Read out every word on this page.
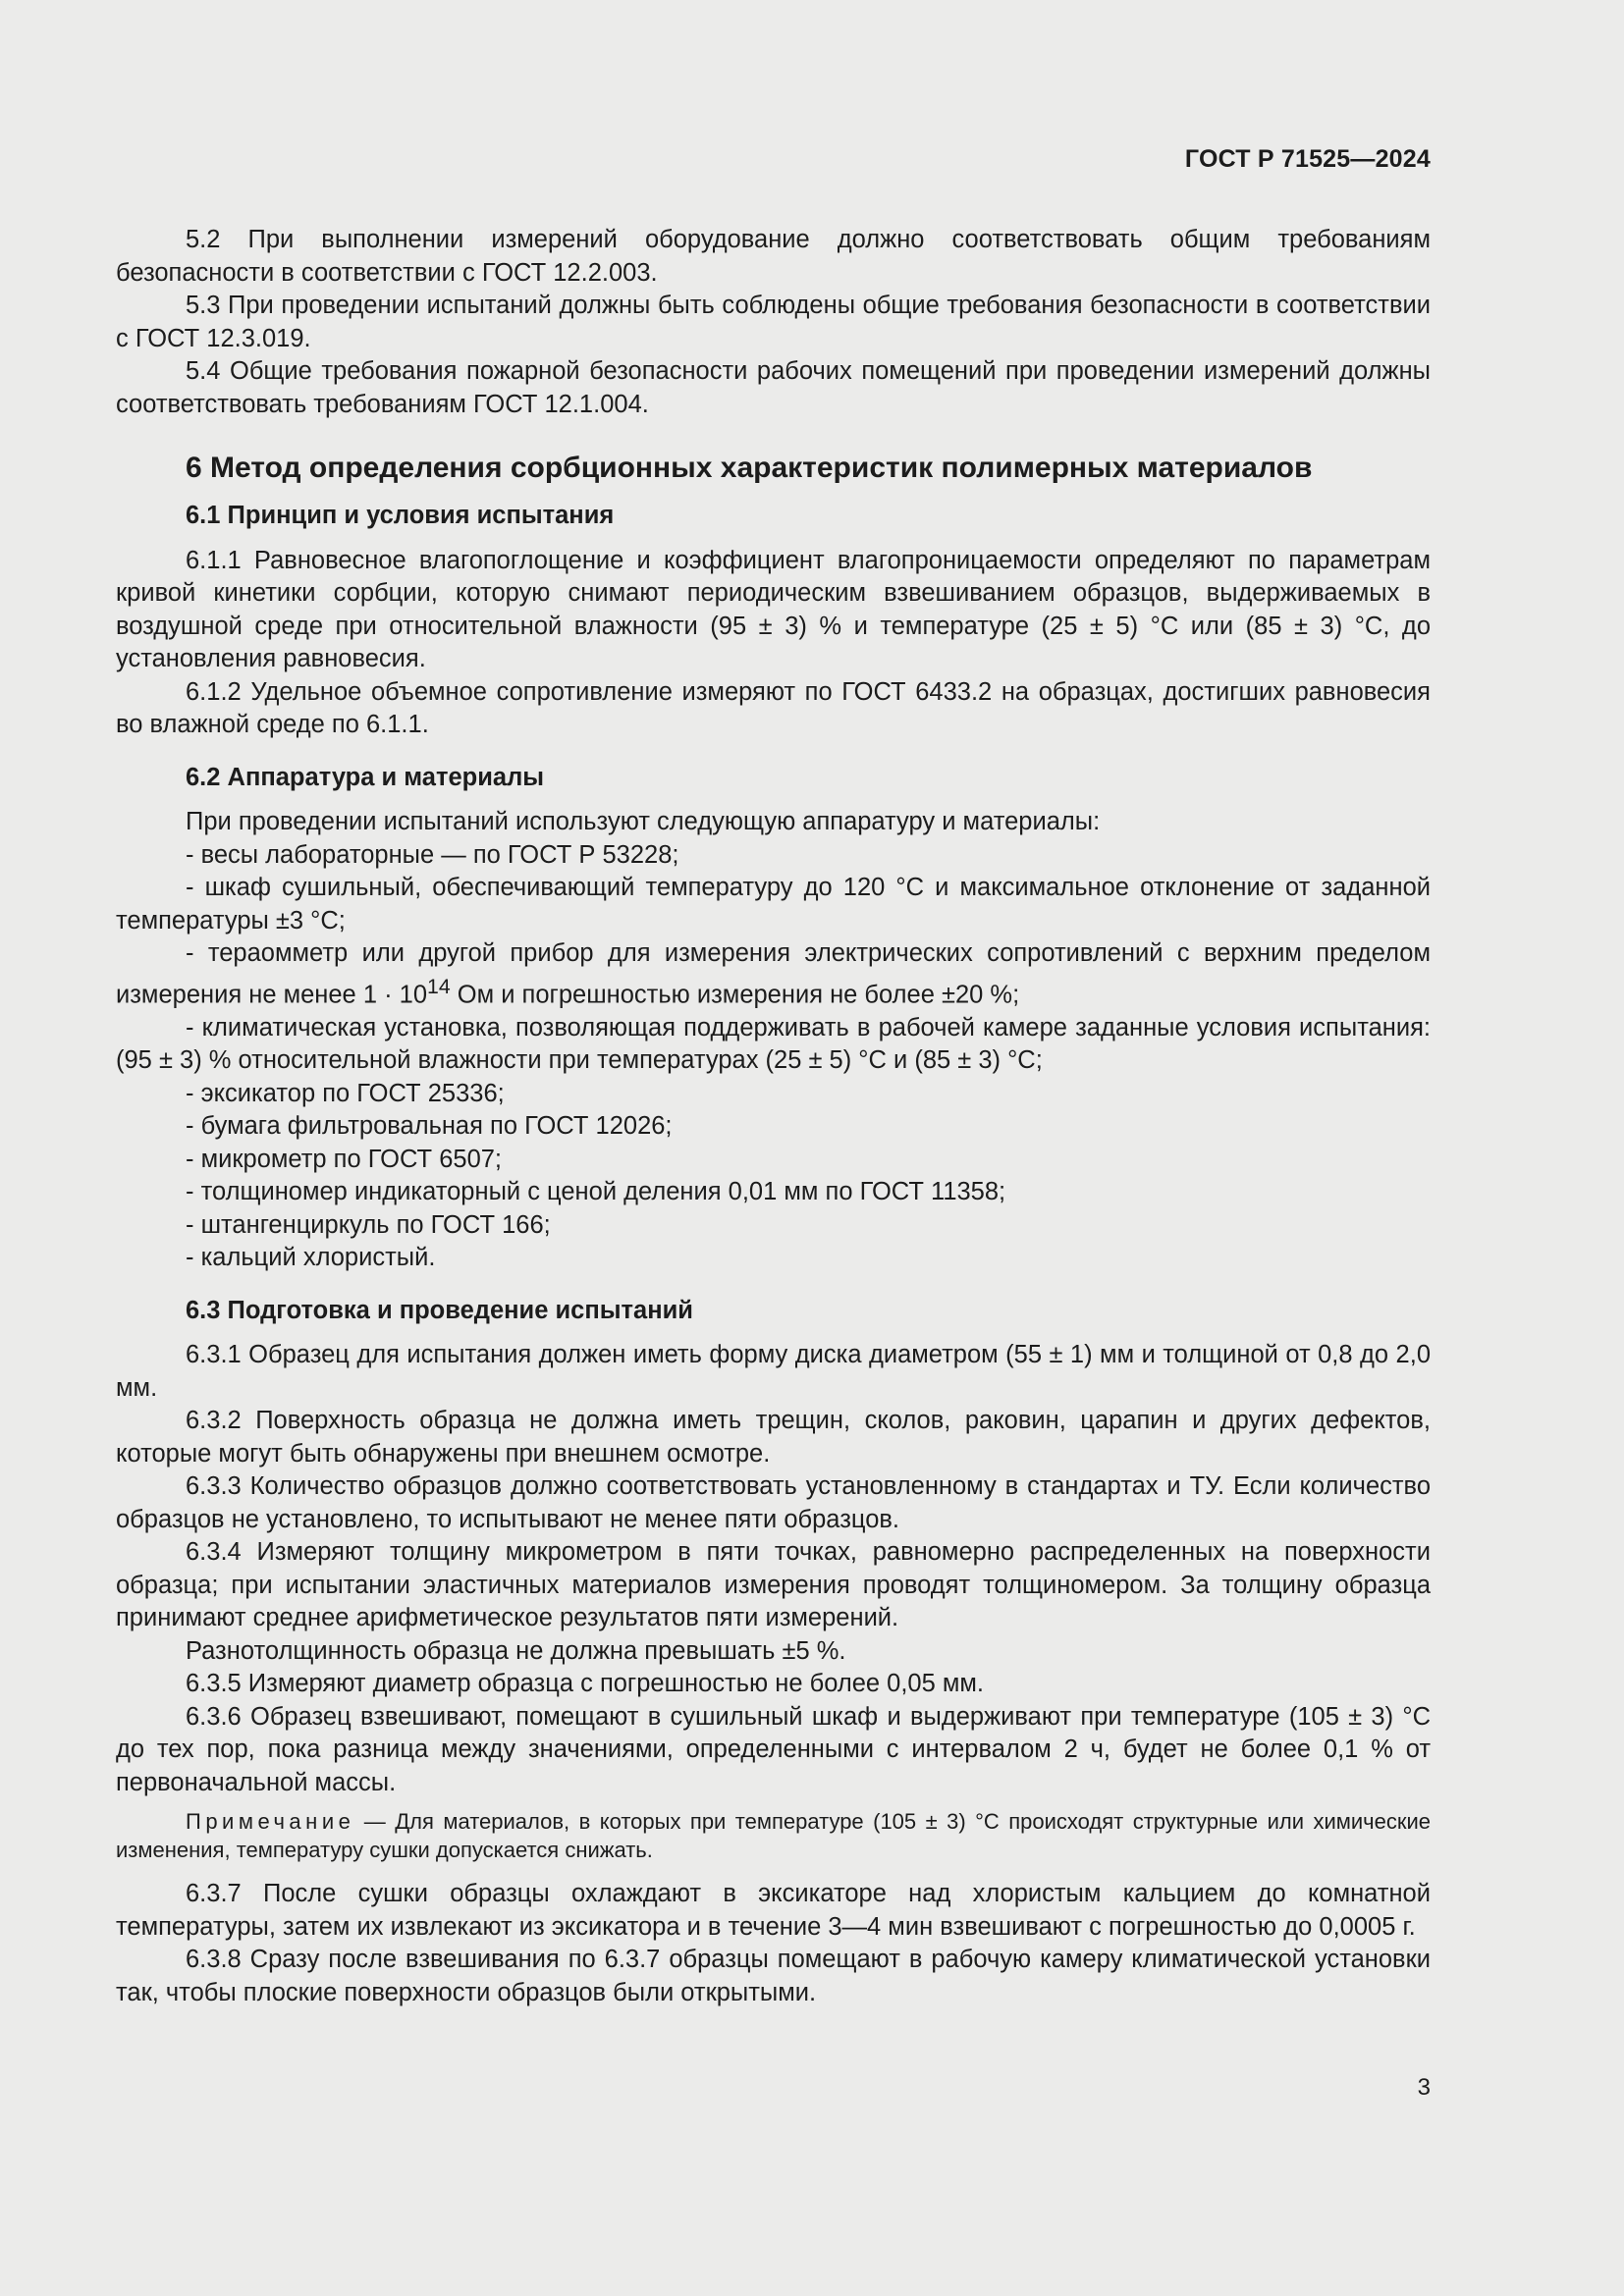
ГОСТ Р 71525—2024

5.2 При выполнении измерений оборудование должно соответствовать общим требованиям безопасности в соответствии с ГОСТ 12.2.003.

5.3 При проведении испытаний должны быть соблюдены общие требования безопасности в соответствии с ГОСТ 12.3.019.

5.4 Общие требования пожарной безопасности рабочих помещений при проведении измерений должны соответствовать требованиям ГОСТ 12.1.004.

6 Метод определения сорбционных характеристик полимерных материалов
6.1 Принцип и условия испытания

6.1.1 Равновесное влагопоглощение и коэффициент влагопроницаемости определяют по параметрам кривой кинетики сорбции, которую снимают периодическим взвешиванием образцов, выдерживаемых в воздушной среде при относительной влажности (95 ± 3) % и температуре (25 ± 5) °С или (85 ± 3) °С, до установления равновесия.

6.1.2 Удельное объемное сопротивление измеряют по ГОСТ 6433.2 на образцах, достигших равновесия во влажной среде по 6.1.1.

6.2 Аппаратура и материалы

При проведении испытаний используют следующую аппаратуру и материалы:

- весы лабораторные — по ГОСТ Р 53228;

- шкаф сушильный, обеспечивающий температуру до 120 °С и максимальное отклонение от заданной температуры ±3 °С;

- тераомметр или другой прибор для измерения электрических сопротивлений с верхним пределом измерения не менее $1 \cdot 10^{14}$ Ом и погрешностью измерения не более ±20 %;

- климатическая установка, позволяющая поддерживать в рабочей камере заданные условия испытания: (95 ± 3) % относительной влажности при температурах (25 ± 5) °С и (85 ± 3) °С;

- эксикатор по ГОСТ 25336;

- бумага фильтровальная по ГОСТ 12026;

- микрометр по ГОСТ 6507;

- толщиномер индикаторный с ценой деления 0,01 мм по ГОСТ 11358;

- штангенциркуль по ГОСТ 166;

- кальций хлористый.

6.3 Подготовка и проведение испытаний

6.3.1 Образец для испытания должен иметь форму диска диаметром (55 ± 1) мм и толщиной от 0,8 до 2,0 мм.

6.3.2 Поверхность образца не должна иметь трещин, сколов, раковин, царапин и других дефектов, которые могут быть обнаружены при внешнем осмотре.

6.3.3 Количество образцов должно соответствовать установленному в стандартах и ТУ. Если количество образцов не установлено, то испытывают не менее пяти образцов.

6.3.4 Измеряют толщину микрометром в пяти точках, равномерно распределенных на поверхности образца; при испытании эластичных материалов измерения проводят толщиномером. За толщину образца принимают среднее арифметическое результатов пяти измерений.

Разнотолщинность образца не должна превышать ±5 %.

6.3.5 Измеряют диаметр образца с погрешностью не более 0,05 мм.

6.3.6 Образец взвешивают, помещают в сушильный шкаф и выдерживают при температуре (105 ± 3) °С до тех пор, пока разница между значениями, определенными с интервалом 2 ч, будет не более 0,1 % от первоначальной массы.

Примечание — Для материалов, в которых при температуре (105 ± 3) °С происходят структурные или химические изменения, температуру сушки допускается снижать.

6.3.7 После сушки образцы охлаждают в эксикаторе над хлористым кальцием до комнатной температуры, затем их извлекают из эксикатора и в течение 3—4 мин взвешивают с погрешностью до 0,0005 г.

6.3.8 Сразу после взвешивания по 6.3.7 образцы помещают в рабочую камеру климатической установки так, чтобы плоские поверхности образцов были открытыми.

3
